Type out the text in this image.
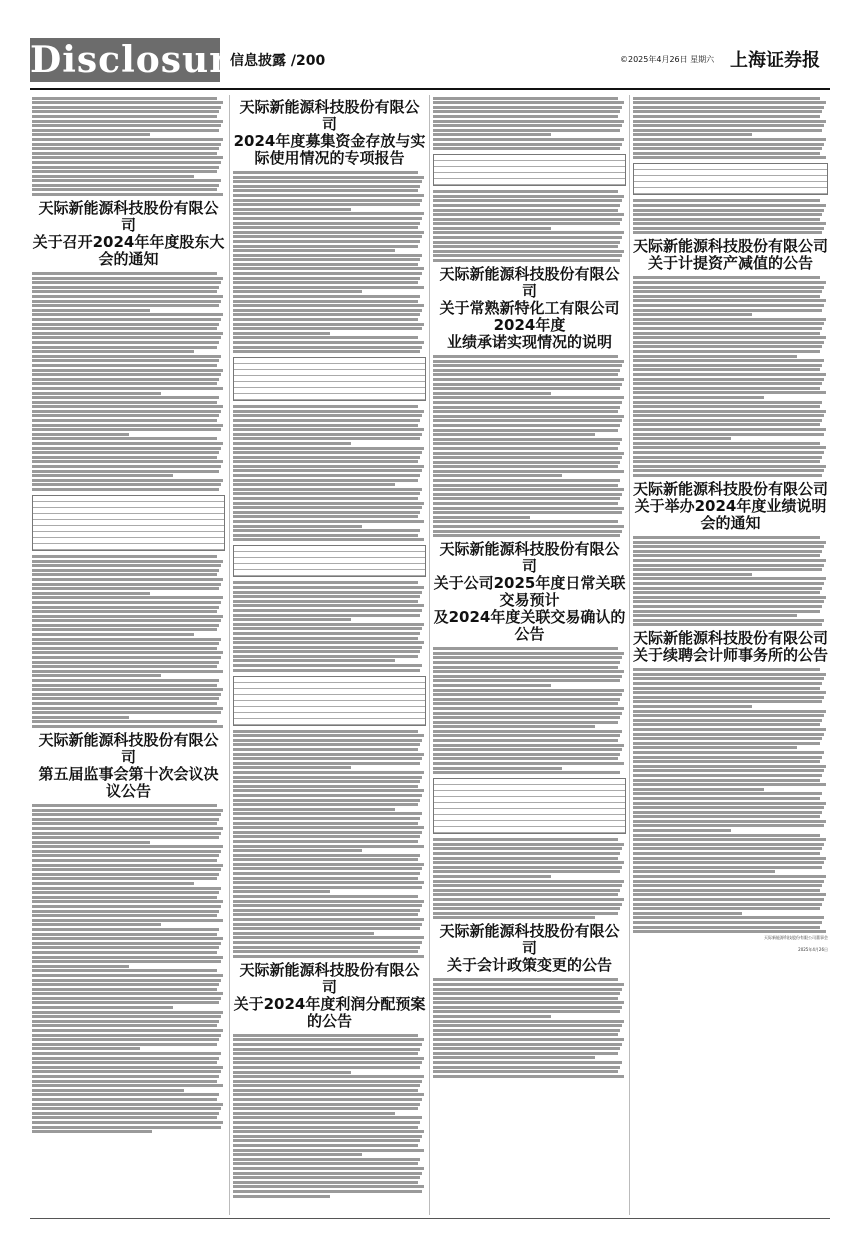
Disclosure
信息披露 /200	©2025年4月26日 星期六 上海证券报
天际新能源科技股份有限公司
关于召开2024年年度股东大会的通知
天际新能源科技股份有限公司
第五届监事会第十次会议决议公告
天际新能源科技股份有限公司
2024年度募集资金存放与实际使用情况的专项报告
天际新能源科技股份有限公司
关于2024年度利润分配预案的公告
天际新能源科技股份有限公司
关于常熟新特化工有限公司2024年度
业绩承诺实现情况的说明
天际新能源科技股份有限公司
关于公司2025年度日常关联交易预计
及2024年度关联交易确认的公告
天际新能源科技股份有限公司
关于会计政策变更的公告
天际新能源科技股份有限公司
关于计提资产减值的公告
天际新能源科技股份有限公司
关于举办2024年度业绩说明会的通知
天际新能源科技股份有限公司
关于续聘会计师事务所的公告
天际新能源科技股份有限公司董事会
2025年4月26日
